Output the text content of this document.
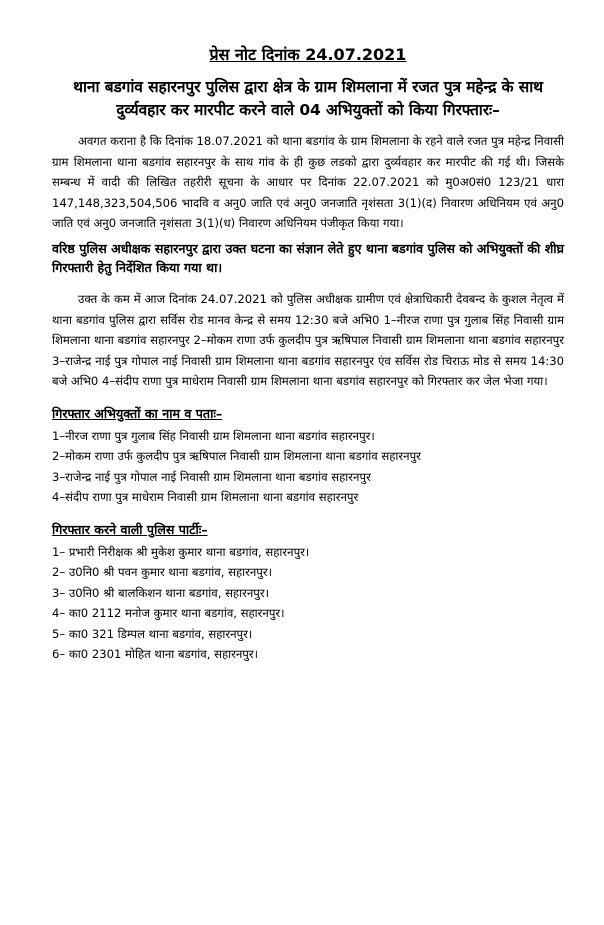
प्रेस नोट दिनांक 24.07.2021
थाना बडगांव सहारनपुर पुलिस द्वारा क्षेत्र के ग्राम शिमलाना में रजत पुत्र महेन्द्र के साथ दुर्व्यवहार कर मारपीट करने वाले 04 अभियुक्तों को किया गिरफ्तारः–

अवगत कराना है कि दिनांक 18.07.2021 को थाना बडगांव के ग्राम शिमलाना के रहने वाले रजत पुत्र महेन्द्र निवासी ग्राम शिमलाना थाना बडगांव सहारनपुर के साथ गांव के ही कुछ लडको द्वारा दुर्व्यवहार कर मारपीट की गई थी। जिसके सम्बन्ध में वादी की लिखित तहरीरी सूचना के आधार पर दिनांक 22.07.2021 को मु0अ0सं0 123/21 धारा 147,148,323,504,506 भादवि व अनु0 जाति एवं अनु0 जनजाति नृशंसता 3(1)(द) निवारण अधिनियम एवं अनु0 जाति एवं अनु0 जनजाति नृशंसता 3(1)(ध) निवारण अधिनियम पंजीकृत किया गया।

वरिष्ठ पुलिस अधीक्षक सहारनपुर द्वारा उक्त घटना का संज्ञान लेते हुए थाना बडगांव पुलिस को अभियुक्तों की शीघ्र गिरफ्तारी हेतु निर्देशित किया गया था।

उक्त के कम में आज दिनांक 24.07.2021 को पुलिस अधीक्षक ग्रामीण एवं क्षेत्राधिकारी देवबन्द के कुशल नेतृत्व में थाना बडगांव पुलिस द्वारा सर्विस रोड मानव केन्द्र से समय 12:30 बजे अभि0 1–नीरज राणा पुत्र गुलाब सिंह निवासी ग्राम शिमलाना थाना बडगांव सहारनपुर 2–मोकम राणा उर्फ कुलदीप पुत्र ऋषिपाल निवासी ग्राम शिमलाना थाना बडगांव सहारनपुर 3–राजेन्द्र नाई पुत्र गोपाल नाई निवासी ग्राम शिमलाना थाना बडगांव सहारनपुर एंव सर्विस रोड चिराऊ मोड से समय 14:30 बजे अभि0 4–संदीप राणा पुत्र माधेराम निवासी ग्राम शिमलाना थाना बडगांव सहारनपुर को गिरफ्तार कर जेल भेजा गया।

गिरफ्तार अभियुक्तों का नाम व पताः–
1–नीरज राणा पुत्र गुलाब सिंह निवासी ग्राम शिमलाना थाना बडगांव सहारनपुर।
2–मोकम राणा उर्फ कुलदीप पुत्र ऋषिपाल निवासी ग्राम शिमलाना थाना बडगांव सहारनपुर
3–राजेन्द्र नाई पुत्र गोपाल नाई निवासी ग्राम शिमलाना थाना बडगांव सहारनपुर
4–संदीप राणा पुत्र माधेराम निवासी ग्राम शिमलाना थाना बडगांव सहारनपुर
गिरफ्तार करने वाली पुलिस पार्टीः–
1– प्रभारी निरीक्षक श्री मुकेश कुमार थाना बडगांव, सहारनपुर।
2– उ0नि0 श्री पवन कुमार थाना बडगांव, सहारनपुर।
3– उ0नि0 श्री बालकिशन थाना बडगांव, सहारनपुर।
4– का0 2112 मनोज कुमार थाना बडगांव, सहारनपुर।
5– का0 321 डिम्पल थाना बडगांव, सहारनपुर।
6– का0 2301 मोहित थाना बडगांव, सहारनपुर।
